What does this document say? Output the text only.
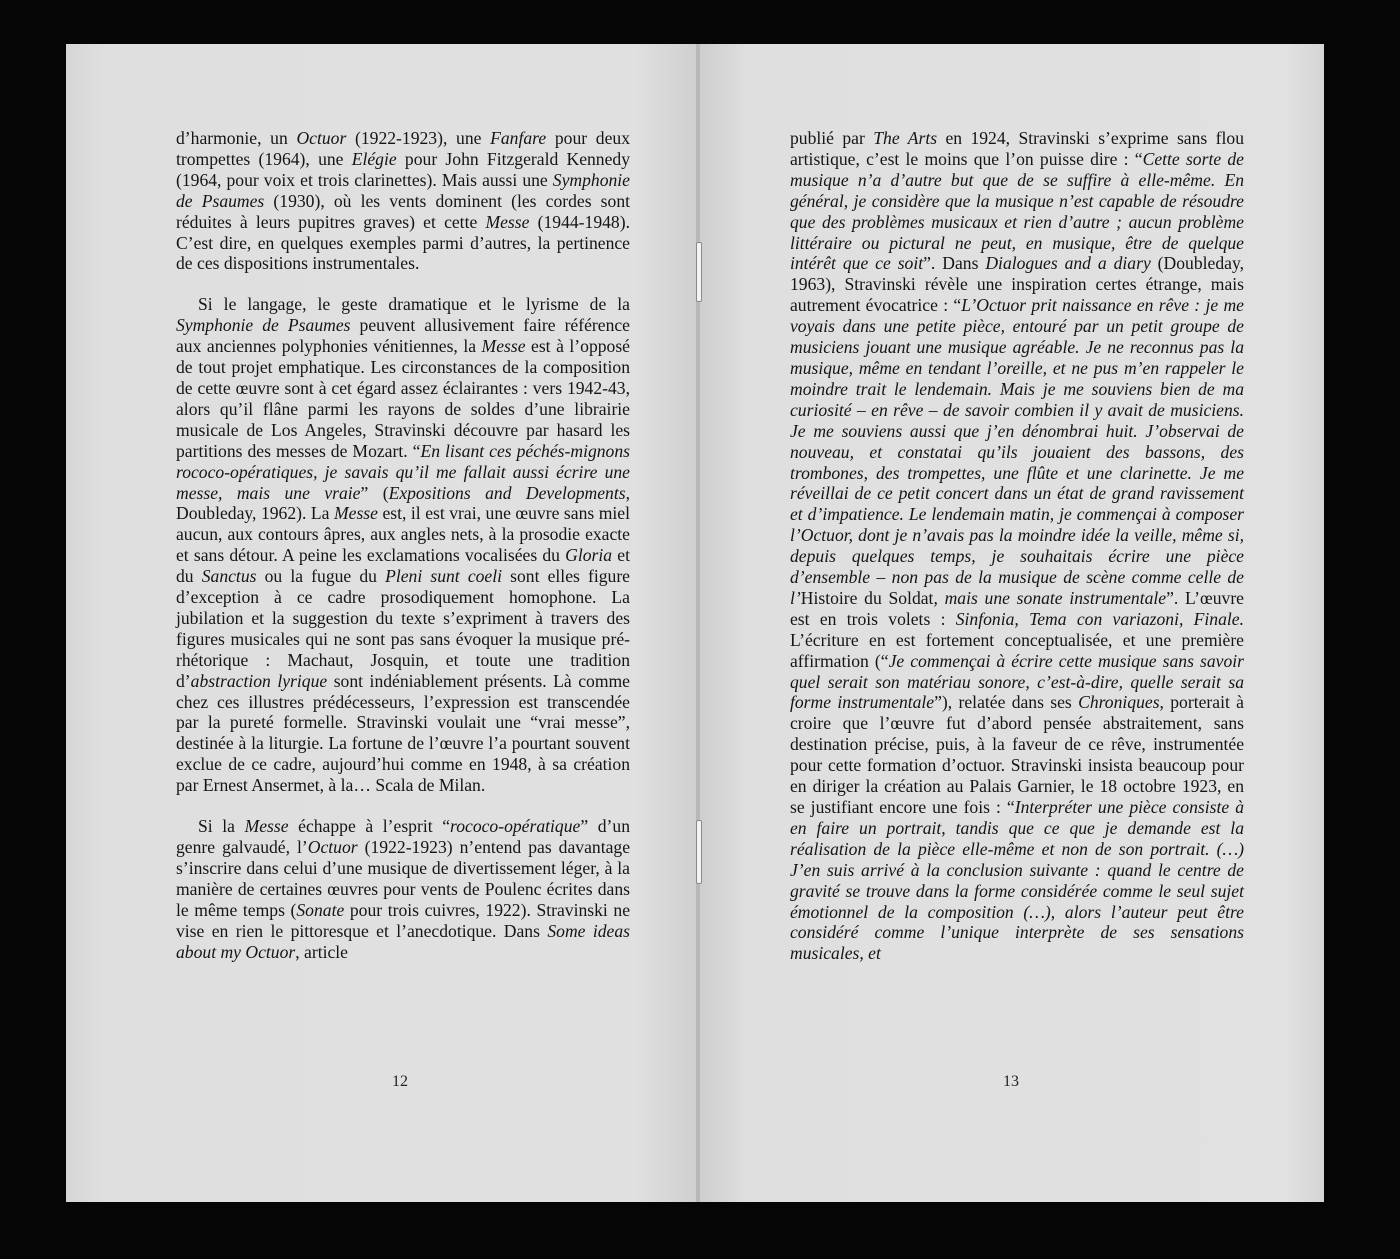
d’harmonie, un Octuor (1922-1923), une Fanfare pour deux trompettes (1964), une Elégie pour John Fitzgerald Kennedy (1964, pour voix et trois clarinettes). Mais aussi une Symphonie de Psaumes (1930), où les vents dominent (les cordes sont réduites à leurs pupitres graves) et cette Messe (1944-1948). C’est dire, en quelques exemples parmi d’autres, la pertinence de ces dispositions instrumentales.

Si le langage, le geste dramatique et le lyrisme de la Symphonie de Psaumes peuvent allusivement faire référence aux anciennes polyphonies vénitiennes, la Messe est à l’opposé de tout projet emphatique. Les circonstances de la composition de cette œuvre sont à cet égard assez éclairantes : vers 1942-43, alors qu’il flâne parmi les rayons de soldes d’une librairie musicale de Los Angeles, Stravinski découvre par hasard les partitions des messes de Mozart. “En lisant ces péchés-mignons rococo-opératiques, je savais qu’il me fallait aussi écrire une messe, mais une vraie” (Expositions and Developments, Doubleday, 1962). La Messe est, il est vrai, une œuvre sans miel aucun, aux contours âpres, aux angles nets, à la prosodie exacte et sans détour. A peine les exclamations vocalisées du Gloria et du Sanctus ou la fugue du Pleni sunt coeli sont elles figure d’exception à ce cadre prosodiquement homophone. La jubilation et la suggestion du texte s’expriment à travers des figures musicales qui ne sont pas sans évoquer la musique pré-rhétorique : Machaut, Josquin, et toute une tradition d’abstraction lyrique sont indéniablement présents. Là comme chez ces illustres prédécesseurs, l’expression est transcendée par la pureté formelle. Stravinski voulait une “vrai messe”, destinée à la liturgie. La fortune de l’œuvre l’a pourtant souvent exclue de ce cadre, aujourd’hui comme en 1948, à sa création par Ernest Ansermet, à la… Scala de Milan.

Si la Messe échappe à l’esprit “rococo-opératique” d’un genre galvaudé, l’Octuor (1922-1923) n’entend pas davantage s’inscrire dans celui d’une musique de divertissement léger, à la manière de certaines œuvres pour vents de Poulenc écrites dans le même temps (Sonate pour trois cuivres, 1922). Stravinski ne vise en rien le pittoresque et l’anecdotique. Dans Some ideas about my Octuor, article

12

publié par The Arts en 1924, Stravinski s’exprime sans flou artistique, c’est le moins que l’on puisse dire : “Cette sorte de musique n’a d’autre but que de se suffire à elle-même. En général, je considère que la musique n’est capable de résoudre que des problèmes musicaux et rien d’autre ; aucun problème littéraire ou pictural ne peut, en musique, être de quelque intérêt que ce soit”. Dans Dialogues and a diary (Doubleday, 1963), Stravinski révèle une inspiration certes étrange, mais autrement évocatrice : “L’Octuor prit naissance en rêve : je me voyais dans une petite pièce, entouré par un petit groupe de musiciens jouant une musique agréable. Je ne reconnus pas la musique, même en tendant l’oreille, et ne pus m’en rappeler le moindre trait le lendemain. Mais je me souviens bien de ma curiosité – en rêve – de savoir combien il y avait de musiciens. Je me souviens aussi que j’en dénombrai huit. J’observai de nouveau, et constatai qu’ils jouaient des bassons, des trombones, des trompettes, une flûte et une clarinette. Je me réveillai de ce petit concert dans un état de grand ravissement et d’impatience. Le lendemain matin, je commençai à composer l’Octuor, dont je n’avais pas la moindre idée la veille, même si, depuis quelques temps, je souhaitais écrire une pièce d’ensemble – non pas de la musique de scène comme celle de l’Histoire du Soldat, mais une sonate instrumentale”. L’œuvre est en trois volets : Sinfonia, Tema con variazoni, Finale. L’écriture en est fortement conceptualisée, et une première affirmation (“Je commençai à écrire cette musique sans savoir quel serait son matériau sonore, c’est-à-dire, quelle serait sa forme instrumentale”), relatée dans ses Chroniques, porterait à croire que l’œuvre fut d’abord pensée abstraitement, sans destination précise, puis, à la faveur de ce rêve, instrumentée pour cette formation d’octuor. Stravinski insista beaucoup pour en diriger la création au Palais Garnier, le 18 octobre 1923, en se justifiant encore une fois : “Interpréter une pièce consiste à en faire un portrait, tandis que ce que je demande est la réalisation de la pièce elle-même et non de son portrait. (…) J’en suis arrivé à la conclusion suivante : quand le centre de gravité se trouve dans la forme considérée comme le seul sujet émotionnel de la composition (…), alors l’auteur peut être considéré comme l’unique interprète de ses sensations musicales, et

13
